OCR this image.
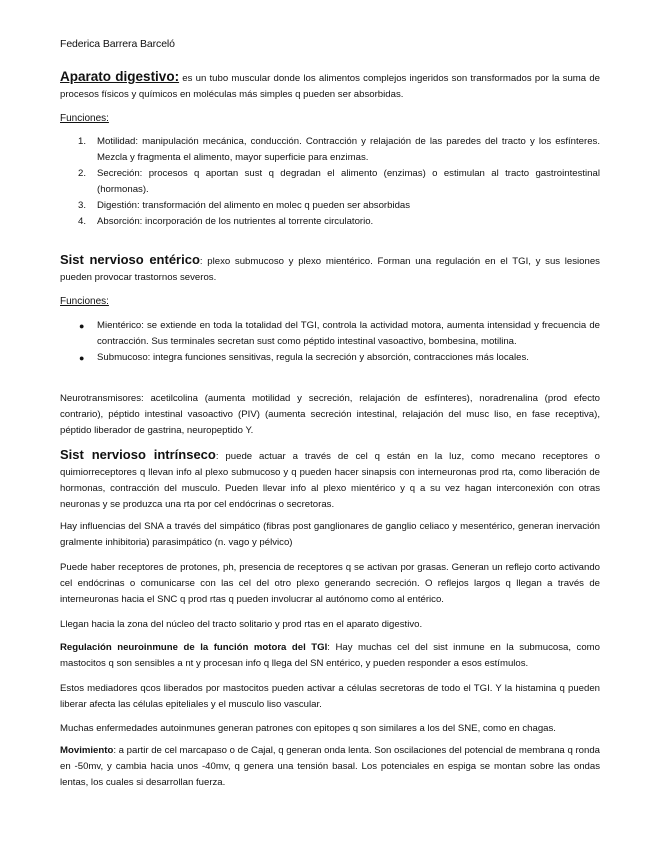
Federica Barrera Barceló
Aparato digestivo: es un tubo muscular donde los alimentos complejos ingeridos son transformados por la suma de procesos físicos y químicos en moléculas más simples q pueden ser absorbidas.
Funciones:
1. Motilidad: manipulación mecánica, conducción. Contracción y relajación de las paredes del tracto y los esfínteres. Mezcla y fragmenta el alimento, mayor superficie para enzimas.
2. Secreción: procesos q aportan sust q degradan el alimento (enzimas) o estimulan al tracto gastrointestinal (hormonas).
3. Digestión: transformación del alimento en molec q pueden ser absorbidas
4. Absorción: incorporación de los nutrientes al torrente circulatorio.
Sist nervioso entérico: plexo submucoso y plexo mientérico. Forman una regulación en el TGI, y sus lesiones pueden provocar trastornos severos.
Funciones:
● Mientérico: se extiende en toda la totalidad del TGI, controla la actividad motora, aumenta intensidad y frecuencia de contracción. Sus terminales secretan sust como péptido intestinal vasoactivo, bombesina, motilina.
● Submucoso: integra funciones sensitivas, regula la secreción y absorción, contracciones más locales.
Neurotransmisores: acetilcolina (aumenta motilidad y secreción, relajación de esfínteres), noradrenalina (prod efecto contrario), péptido intestinal vasoactivo (PIV) (aumenta secreción intestinal, relajación del musc liso, en fase receptiva), péptido liberador de gastrina, neuropeptido Y.
Sist nervioso intrínseco: puede actuar a través de cel q están en la luz, como mecano receptores o quimiorreceptores q llevan info al plexo submucoso y q pueden hacer sinapsis con interneuronas prod rta, como liberación de hormonas, contracción del musculo. Pueden llevar info al plexo mientérico y q a su vez hagan interconexión con otras neuronas y se produzca una rta por cel endócrinas o secretoras.
Hay influencias del SNA a través del simpático (fibras post ganglionares de ganglio celiaco y mesentérico, generan inervación gralmente inhibitoria) parasimpático (n. vago y pélvico)
Puede haber receptores de protones, ph, presencia de receptores q se activan por grasas. Generan un reflejo corto activando cel endócrinas o comunicarse con las cel del otro plexo generando secreción. O reflejos largos q llegan a través de interneuronas hacia el SNC q prod rtas q pueden involucrar al autónomo como al entérico.
Llegan hacia la zona del núcleo del tracto solitario y prod rtas en el aparato digestivo.
Regulación neuroinmune de la función motora del TGI: Hay muchas cel del sist inmune en la submucosa, como mastocitos q son sensibles a nt y procesan info q llega del SN entérico, y pueden responder a esos estímulos.
Estos mediadores qcos liberados por mastocitos pueden activar a células secretoras de todo el TGI. Y la histamina q pueden liberar afecta las células epiteliales y el musculo liso vascular.
Muchas enfermedades autoinmunes generan patrones con epitopes q son similares a los del SNE, como en chagas.
Movimiento: a partir de cel marcapaso o de Cajal, q generan onda lenta. Son oscilaciones del potencial de membrana q ronda en -50mv, y cambia hacia unos -40mv, q genera una tensión basal. Los potenciales en espiga se montan sobre las ondas lentas, los cuales si desarrollan fuerza.
